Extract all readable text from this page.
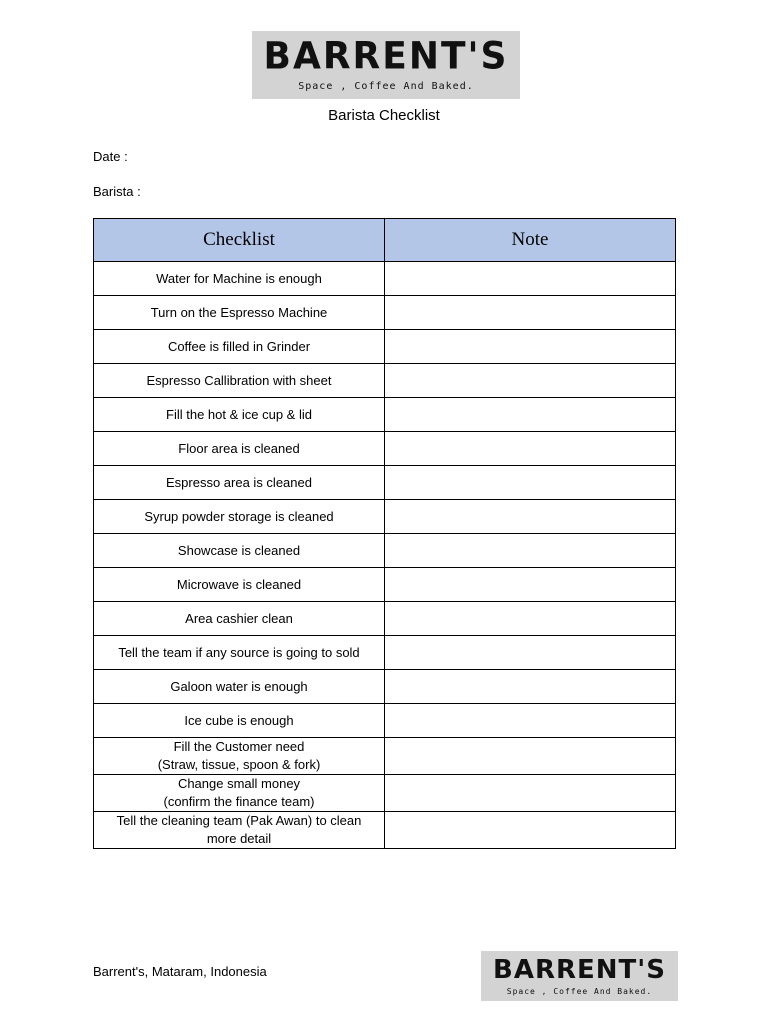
BARRENT'S
Space , Coffee And Baked.
Barista Checklist
Date :
Barista :
Checklist	Note

Water for Machine is enough	

Turn on the Espresso Machine	

Coffee is filled in Grinder	

Espresso Callibration with sheet	

Fill the hot & ice cup & lid	

Floor area is cleaned	

Espresso area is cleaned	

Syrup powder storage is cleaned	

Showcase is cleaned	

Microwave is cleaned	

Area cashier clean	

Tell the team if any source is going to sold	

Galoon water is enough	

Ice cube is enough	

Fill the Customer need
(Straw, tissue, spoon & fork)	

Change small money
(confirm the finance team)	

Tell the cleaning team (Pak Awan) to clean
more detail	

Barrent's, Mataram, Indonesia	BARRENT'S
Space , Coffee And Baked.
